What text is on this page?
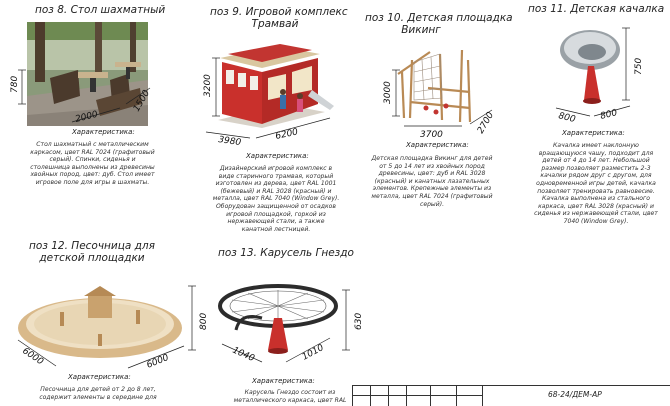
поз 8. Стол шахматный
780
2000
1500
Характеристика:
Стол шахматный с металлическим каркасом, цвет RAL 7024 (графитовый серый). Спинки, сиденья и столешница выполнены из древесины хвойных пород, цвет: дуб. Стол имеет игровое поле для игры в шахматы.
поз 9. Игровой комплекс
Трамвай
3200
3980	6200
Характеристика:
Дизайнерский игровой комплекс в виде старинного трамвая, который изготовлен из дерева, цвет RAL 1001 (бежевый) и RAL 3028 (красный) и металла, цвет RAL 7040 (Window Grey). Оборудован защищенной от осадков игровой площадкой, горкой из нержавеющей стали, а также канатной лестницей.
поз 10. Детская площадка
Викинг
3000
3700	2700
Характеристика:
Детская площадка Викинг для детей от 5 до 14 лет из хвойных пород древесины, цвет: дуб и RAL 3028 (красный) и канатных лазательных элементов. Крепежные элементы из металла, цвет RAL 7024 (графитовый серый).
поз 11. Детская качалка
750
800	800
Характеристика:
Качалка имеет наклонную вращающуюся чашу, подходит для детей от 4 до 14 лет. Небольшой размер позволяет разместить 2-3 качалки рядом друг с другом, для одновременной игры детей, качалка позволяет тренировать равновесие. Качалка выполнена из стального каркаса, цвет RAL 3028 (красный) и сиденья из нержавеющей стали, цвет 7040 (Window Grey).
поз 12. Песочница для
детской площадки
800
6000	6000
Характеристика:
Песочница для детей от 2 до 8 лет, содержит элементы в середине для
поз 13. Карусель Гнездо
630
1040	1010
Характеристика:
Карусель Гнездо состоит из металлического каркаса, цвет RAL
68-24/ДЕМ-АР
